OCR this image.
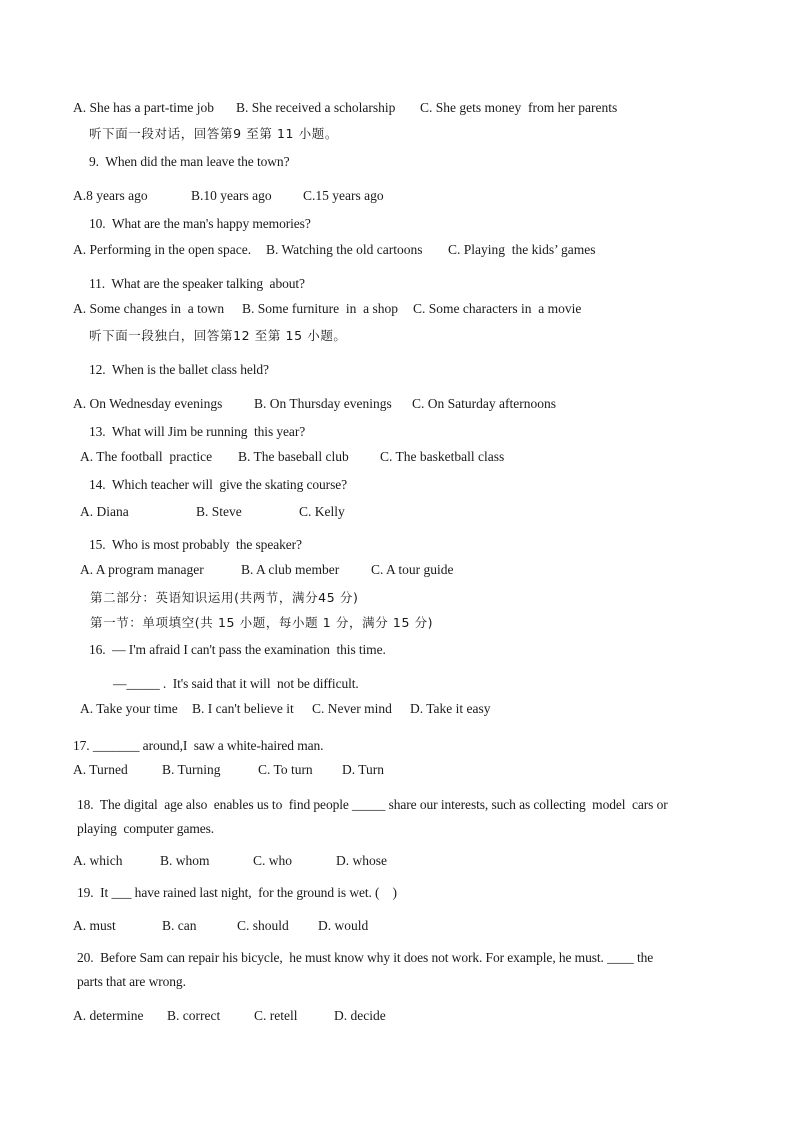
A. She has a part-time job B. She received a scholarship C. She gets money  from her parents
听下面一段对话，回答第9 至第 11 小题。
9.  When did the man leave the town?
A.8 years ago	B.10 years ago C.15 years ago
10.  What are the man's happy memories?
A. Performing in the open space. B. Watching the old cartoons C. Playing  the kids’ games
11.  What are the speaker talking  about?
A. Some changes in  a town B. Some furniture  in  a shop C. Some characters in  a movie
听下面一段独白，回答第12 至第 15 小题。
12.  When is the ballet class held?
A. On Wednesday evenings B. On Thursday evenings C. On Saturday afternoons
13.  What will Jim be running  this year?
A. The football  practice B. The baseball club C. The basketball class
14.  Which teacher will  give the skating course?
A. Diana	B. Steve	C. Kelly
15.  Who is most probably  the speaker?
A. A program manager	B. A club member C. A tour guide
第二部分：英语知识运用(共两节，满分45 分)
第一节：单项填空(共 15 小题，每小题 1 分，满分 15 分)
16.  — I'm afraid I can't pass the examination  this time.
—_____ .  It's said that it will  not be difficult.
A. Take your time B. I can't believe it C. Never mind D. Take it easy
17. _______ around,I  saw a white-haired man.
A. Turned	B. Turning	C. To turn D. Turn
18.  The digital  age also  enables us to  find people _____ share our interests, such as collecting  model  cars or
playing  computer games.
A. which	B. whom	C. who	D. whose
19.  It ___ have rained last night,  for the ground is wet. (    )
A. must	B. can	C. should D. would
20.  Before Sam can repair his bicycle,  he must know why it does not work. For example, he must. ____ the
parts that are wrong.
A. determine B. correct	C. retell	D. decide
